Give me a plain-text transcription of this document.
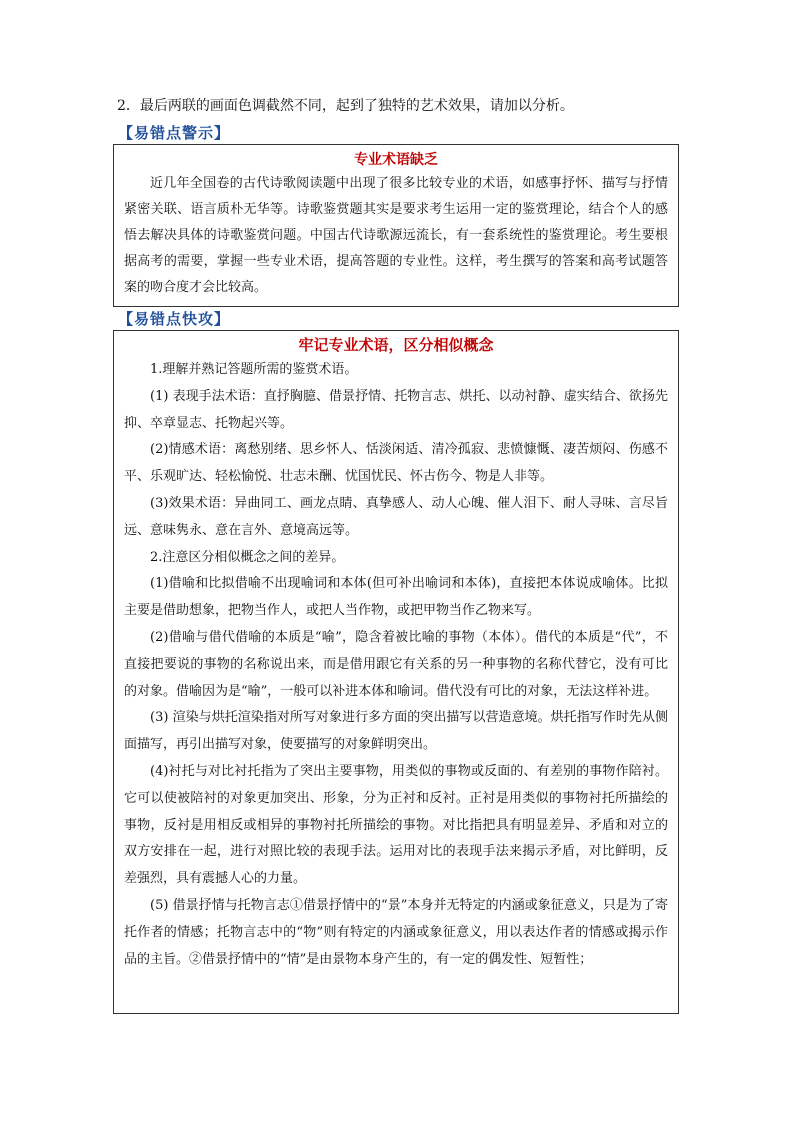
2．最后两联的画面色调截然不同，起到了独特的艺术效果，请加以分析。
【易错点警示】
专业术语缺乏

近几年全国卷的古代诗歌阅读题中出现了很多比较专业的术语，如感事抒怀、描写与抒情紧密关联、语言质朴无华等。诗歌鉴赏题其实是要求考生运用一定的鉴赏理论，结合个人的感悟去解决具体的诗歌鉴赏问题。中国古代诗歌源远流长，有一套系统性的鉴赏理论。考生要根据高考的需要，掌握一些专业术语，提高答题的专业性。这样，考生撰写的答案和高考试题答案的吻合度才会比较高。

【易错点快攻】
牢记专业术语，区分相似概念

1.理解并熟记答题所需的鉴赏术语。

(1) 表现手法术语：直抒胸臆、借景抒情、托物言志、烘托、以动衬静、虚实结合、欲扬先抑、卒章显志、托物起兴等。

(2)情感术语：离愁别绪、思乡怀人、恬淡闲适、清冷孤寂、悲愤慷慨、凄苦烦闷、伤感不平、乐观旷达、轻松愉悦、壮志未酬、忧国忧民、怀古伤今、物是人非等。

(3)效果术语：异曲同工、画龙点睛、真挚感人、动人心魄、催人泪下、耐人寻味、言尽旨远、意味隽永、意在言外、意境高远等。

2.注意区分相似概念之间的差异。

(1)借喻和比拟借喻不出现喻词和本体(但可补出喻词和本体)，直接把本体说成喻体。比拟主要是借助想象，把物当作人，或把人当作物，或把甲物当作乙物来写。

(2)借喻与借代借喻的本质是“喻”，隐含着被比喻的事物（本体）。借代的本质是“代”，不直接把要说的事物的名称说出来，而是借用跟它有关系的另一种事物的名称代替它，没有可比的对象。借喻因为是“喻”，一般可以补进本体和喻词。借代没有可比的对象，无法这样补进。

(3) 渲染与烘托渲染指对所写对象进行多方面的突出描写以营造意境。烘托指写作时先从侧面描写，再引出描写对象，使要描写的对象鲜明突出。

(4)衬托与对比衬托指为了突出主要事物，用类似的事物或反面的、有差别的事物作陪衬。它可以使被陪衬的对象更加突出、形象，分为正衬和反衬。正衬是用类似的事物衬托所描绘的事物，反衬是用相反或相异的事物衬托所描绘的事物。对比指把具有明显差异、矛盾和对立的双方安排在一起，进行对照比较的表现手法。运用对比的表现手法来揭示矛盾，对比鲜明，反差强烈，具有震撼人心的力量。

(5) 借景抒情与托物言志①借景抒情中的“景”本身并无特定的内涵或象征意义，只是为了寄托作者的情感；托物言志中的“物”则有特定的内涵或象征意义，用以表达作者的情感或揭示作品的主旨。②借景抒情中的“情”是由景物本身产生的，有一定的偶发性、短暂性；
